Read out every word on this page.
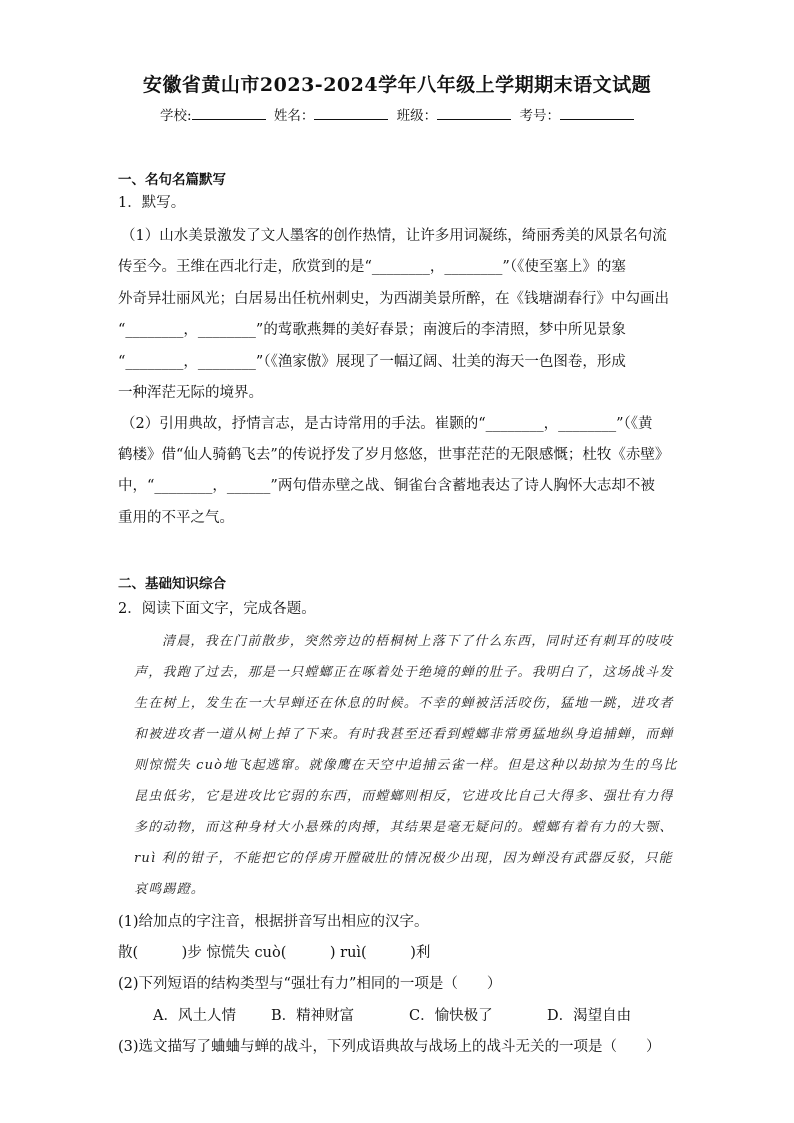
安徽省黄山市2023-2024学年八年级上学期期末语文试题
学校:	姓名：	班级：	考号：
一、名句名篇默写
1．默写。
（1）山水美景激发了文人墨客的创作热情，让许多用词凝练，绮丽秀美的风景名句流
传至今。王维在西北行走，欣赏到的是“________，________”（《使至塞上》的塞
外奇异壮丽风光；白居易出任杭州刺史，为西湖美景所醉，在《钱塘湖春行》中勾画出
“________，________”的莺歌燕舞的美好春景；南渡后的李清照，梦中所见景象
“________，________”（《渔家傲》展现了一幅辽阔、壮美的海天一色图卷，形成
一种浑茫无际的境界。
（2）引用典故，抒情言志，是古诗常用的手法。崔颢的“________，________”（《黄
鹤楼》借“仙人骑鹤飞去”的传说抒发了岁月悠悠，世事茫茫的无限感慨；杜牧《赤壁》
中，“________，______”两句借赤壁之战、铜雀台含蓄地表达了诗人胸怀大志却不被
重用的不平之气。
二、基础知识综合
2．阅读下面文字，完成各题。
清晨，我在门前散步，突然旁边的梧桐树上落下了什么东西，同时还有刺耳的吱吱
声，我跑了过去，那是一只螳螂正在啄着处于绝境的蝉的肚子。我明白了，这场战斗发
生在树上，发生在一大早蝉还在休息的时候。不幸的蝉被活活咬伤，猛地一跳，进攻者
和被进攻者一道从树上掉了下来。有时我甚至还看到螳螂非常勇猛地纵身追捕蝉，而蝉
则惊慌失 cuò地飞起逃窜。就像鹰在天空中追捕云雀一样。但是这种以劫掠为生的鸟比
昆虫低劣，它是进攻比它弱的东西，而螳螂则相反，它进攻比自己大得多、强壮有力得
多的动物，而这种身材大小悬殊的肉搏，其结果是毫无疑问的。螳螂有着有力的大颚、
ruì 利的钳子，不能把它的俘虏开膛破肚的情况极少出现，因为蝉没有武器反驳，只能
哀鸣踢蹬。
(1)给加点的字注音，根据拼音写出相应的汉字。
散(　　　)步 惊慌失 cuò(　　　) ruì(　　　)利
(2)下列短语的结构类型与“强壮有力”相同的一项是（　　）
A．风土人情 B．精神财富	C．愉快极了	D．渴望自由
(3)选文描写了蛐蛐与蝉的战斗，下列成语典故与战场上的战斗无关的一项是（　　）
